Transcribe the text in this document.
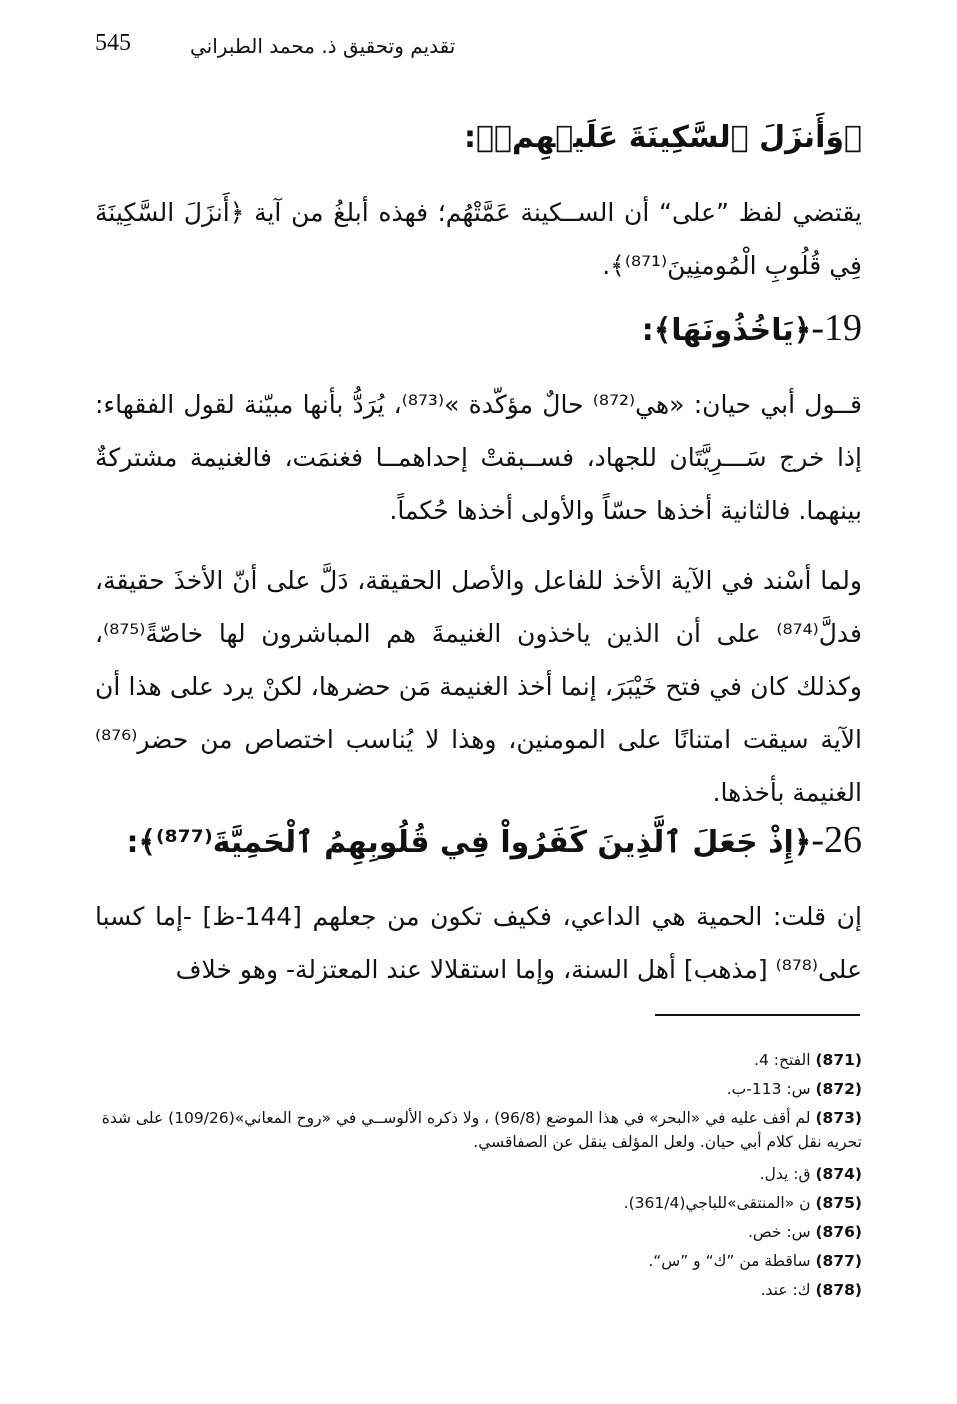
545	تقديم وتحقيق ذ. محمد الطبراني
﴿وَأَنزَلَ ٱلسَّكِينَةَ عَلَيۡهِمۡ﴾:
يقتضي لفظ ”على“ أن الســكينة عَمَّتْهُم؛ فهذه أبلغُ من آية ﴿أَنزَلَ السَّكِينَةَ فِي قُلُوبِ الْمُومنِينَ⁽⁸⁷¹⁾﴾.
19-﴿يَاخُذُونَهَا﴾:
قــول أبي حيان: «هي⁽⁸⁷²⁾ حالٌ مؤكّدة »⁽⁸⁷³⁾، يُرَدُّ بأنها مبيّنة لقول الفقهاء: إذا خرج سَـــرِيَّتَان للجهاد، فســبقتْ إحداهمــا فغنمَت، فالغنيمة مشتركةٌ بينهما. فالثانية أخذها حسّاً والأولى أخذها حُكماً.
ولما أسْند في الآية الأخذ للفاعل والأصل الحقيقة، دَلَّ على أنّ الأخذَ حقيقة، فدلَّ⁽⁸⁷⁴⁾ على أن الذين ياخذون الغنيمةَ هم المباشرون لها خاصّةً⁽⁸⁷⁵⁾، وكذلك كان في فتح خَيْبَرَ، إنما أخذ الغنيمة مَن حضرها، لكنْ يرد على هذا أن الآية سيقت امتنانًا على المومنين، وهذا لا يُناسب اختصاص من حضر⁽⁸⁷⁶⁾ الغنيمة بأخذها.
26-﴿إِذْ جَعَلَ ٱلَّذِينَ كَفَرُواْ فِي قُلُوبِهِمُ ٱلْحَمِيَّةَ⁽⁸⁷⁷⁾﴾:
إن قلت: الحمية هي الداعي، فكيف تكون من جعلهم [144-ظ] -إما كسبا على⁽⁸⁷⁸⁾ [مذهب] أهل السنة، وإما استقلالا عند المعتزلة- وهو خلاف

(871) الفتح: 4.

(872) س: 113-ب.

(873) لم أقف عليه في «البحر» في هذا الموضع (96/8) ، ولا ذكره الألوســي في «روح المعاني»(109/26) على شدة تحريه نقل كلام أبي حيان. ولعل المؤلف ينقل عن الصفاقسي.

(874) ق: يدل.

(875) ن «المنتقى»للباجي(361/4).

(876) س: خص.

(877) ساقطة من ”ك“ و ”س“.

(878) ك: عند.
